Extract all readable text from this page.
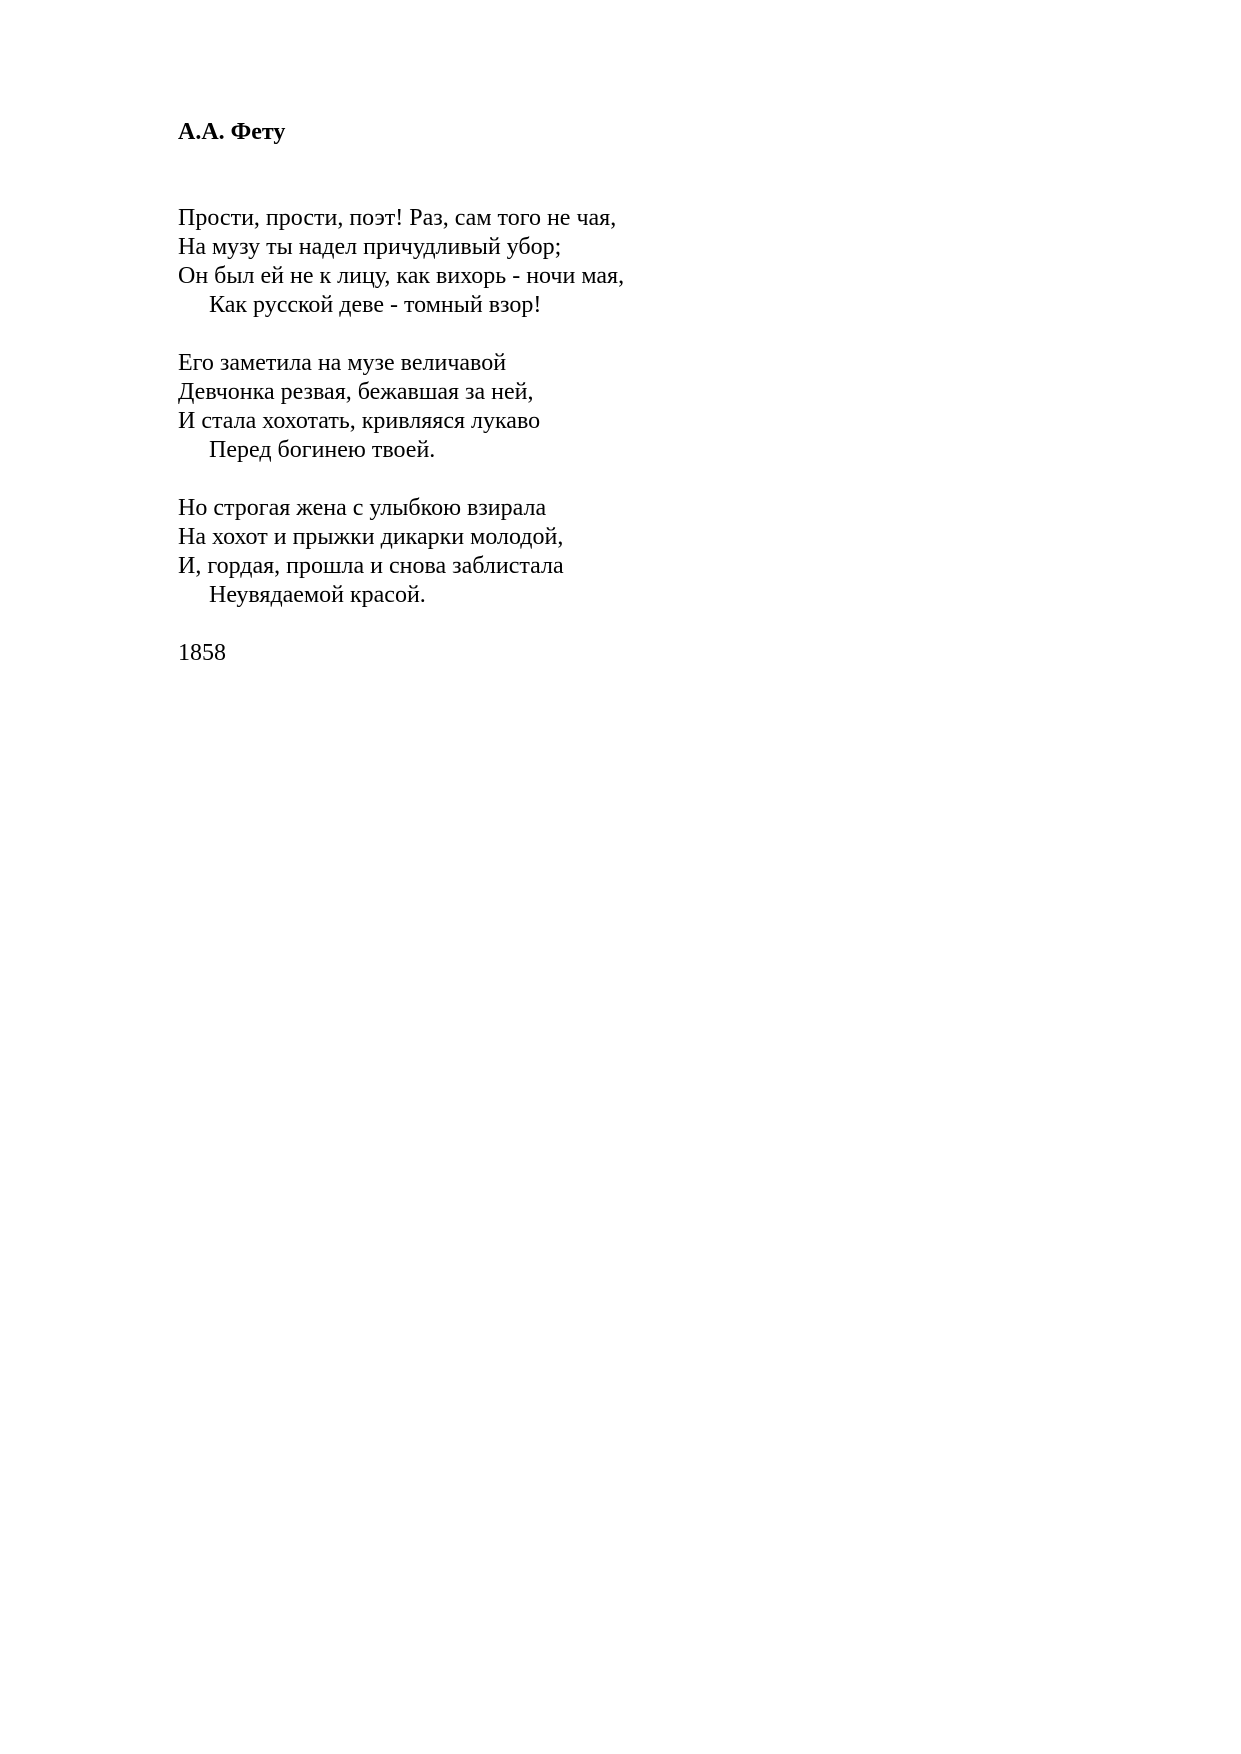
А.А. Фету
Прости, прости, поэт! Раз, сам того не чая,
На музу ты надел причудливый убор;
Он был ей не к лицу, как вихорь - ночи мая,
Как русской деве - томный взор!
Его заметила на музе величавой
Девчонка резвая, бежавшая за ней,
И стала хохотать, кривляяся лукаво
Перед богинею твоей.
Но строгая жена с улыбкою взирала
На хохот и прыжки дикарки молодой,
И, гордая, прошла и снова заблистала
Неувядаемой красой.
1858
